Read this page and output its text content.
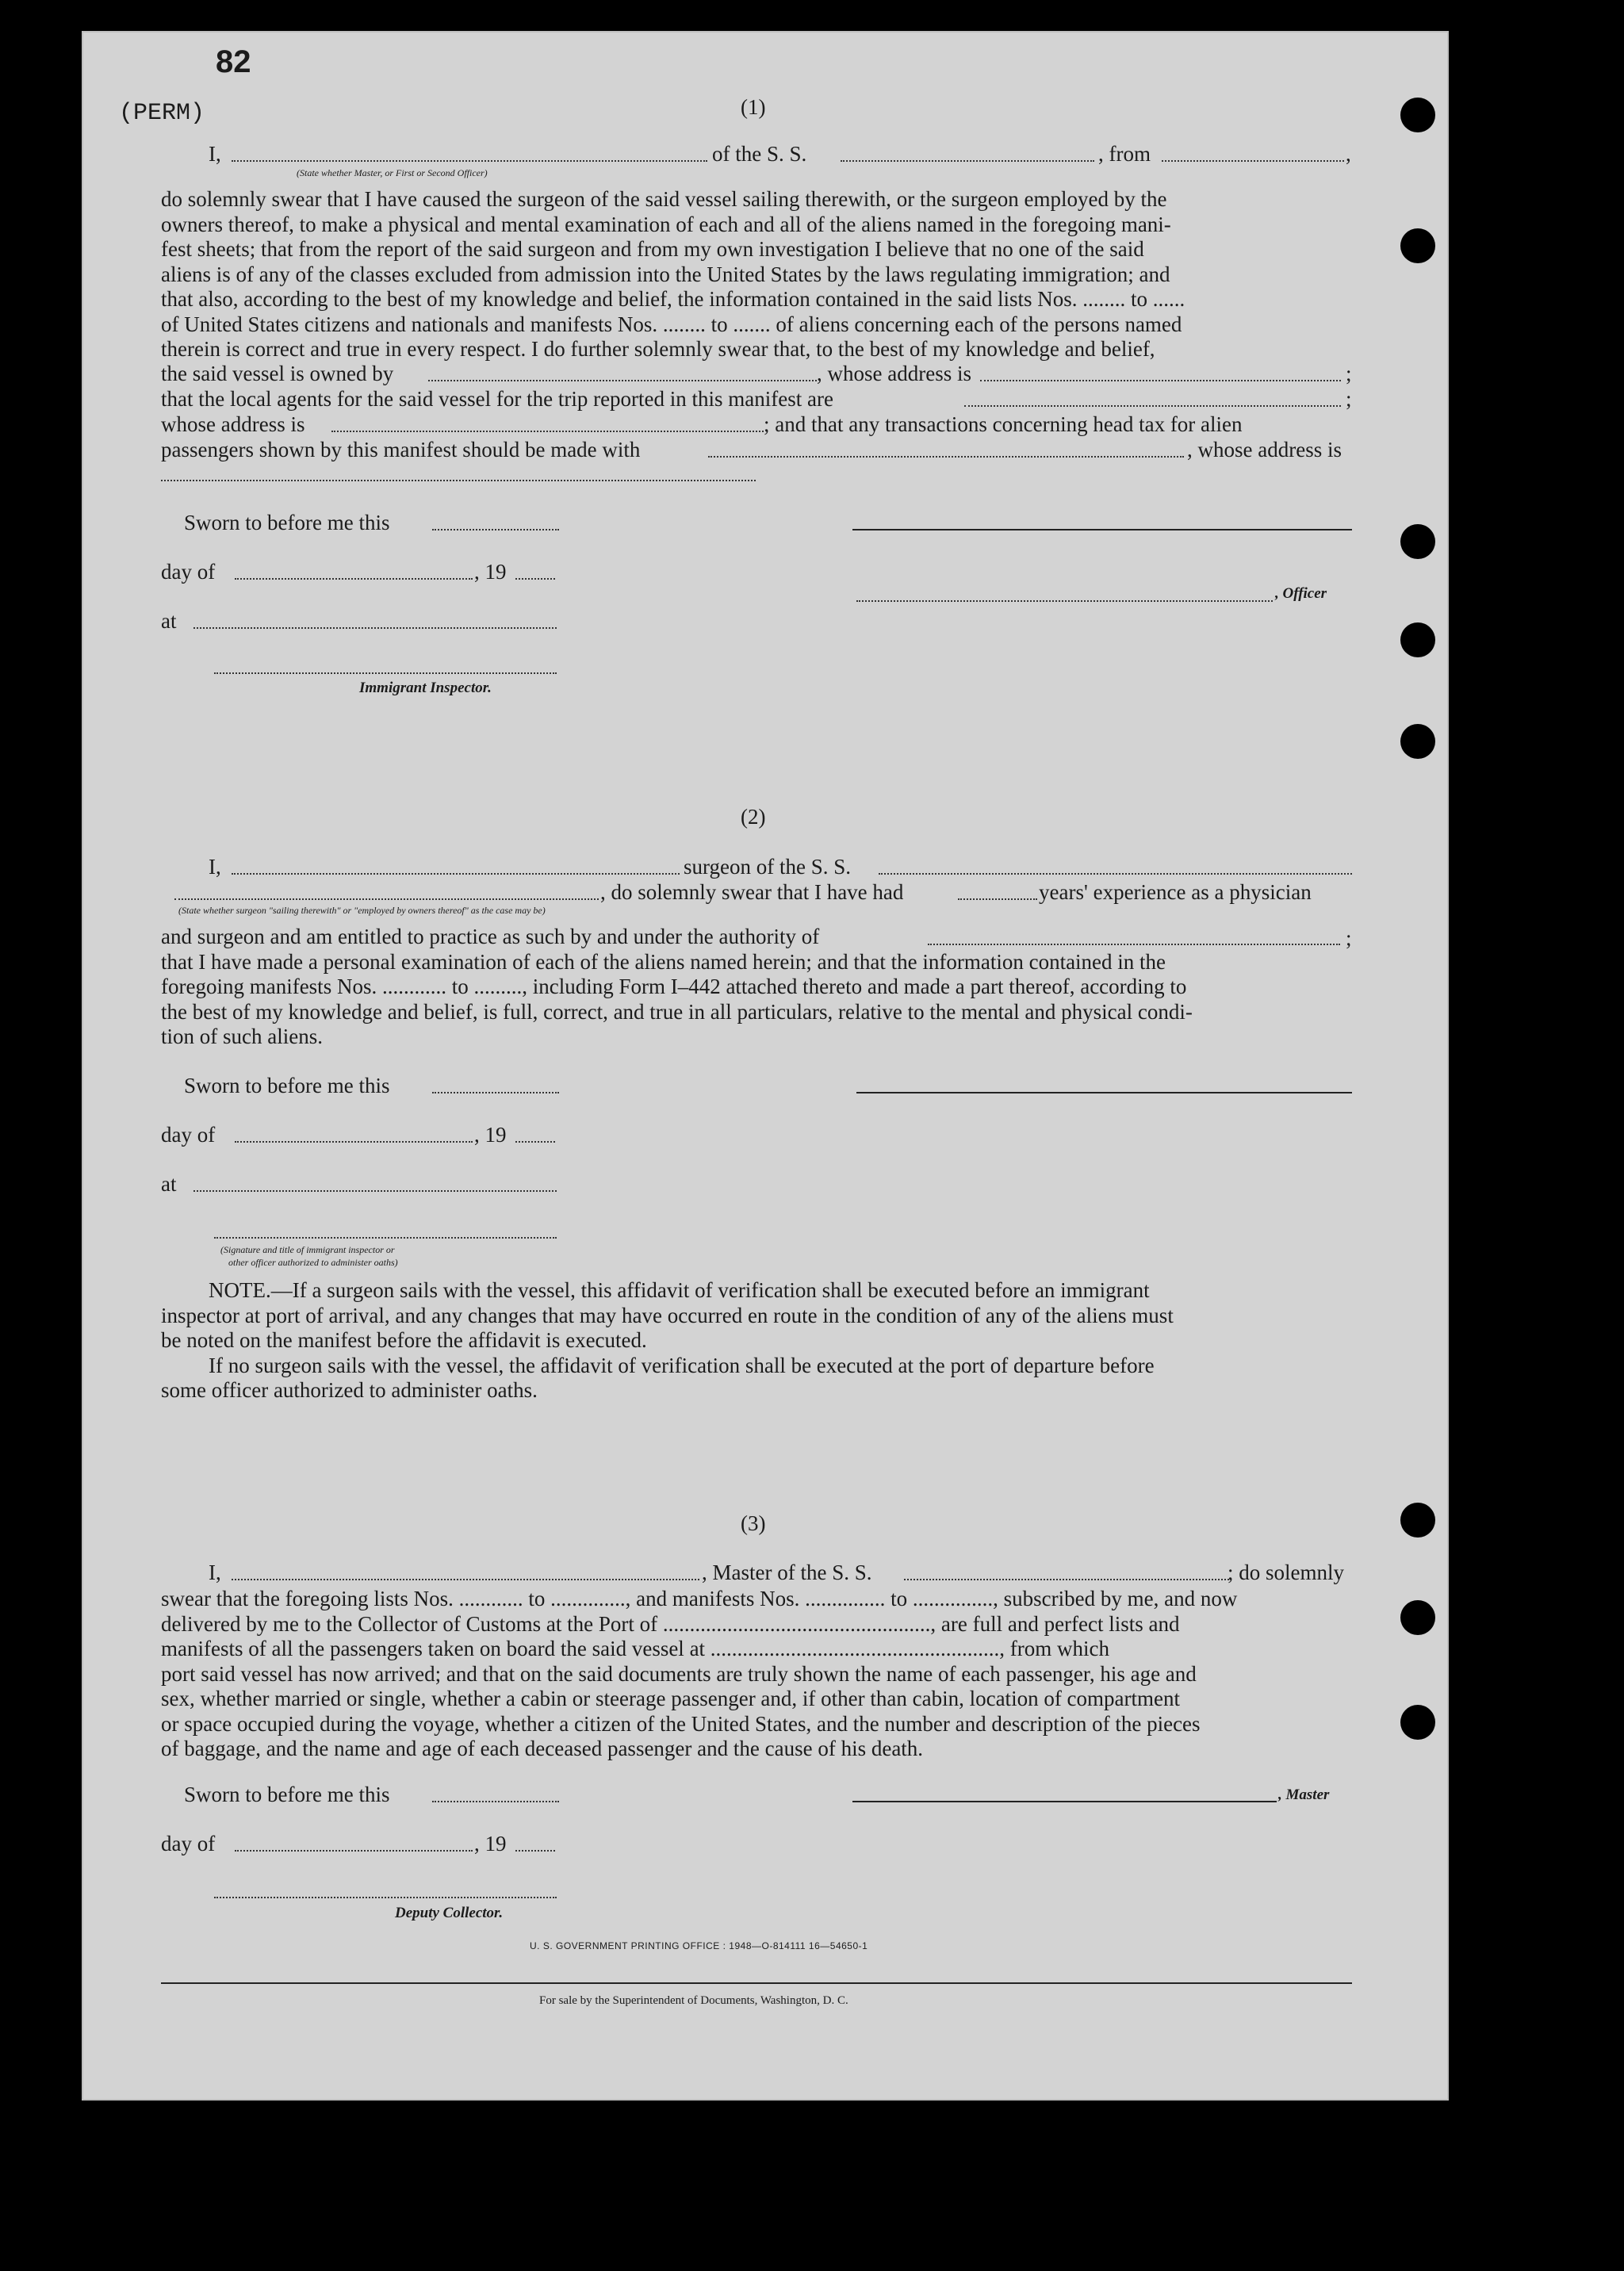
82
(PERM)	(1)
I,	of the S. S.	, from	,
(State whether Master, or First or Second Officer)
do solemnly swear that I have caused the surgeon of the said vessel sailing therewith, or the surgeon employed by the
owners thereof, to make a physical and mental examination of each and all of the aliens named in the foregoing mani-
fest sheets; that from the report of the said surgeon and from my own investigation I believe that no one of the said
aliens is of any of the classes excluded from admission into the United States by the laws regulating immigration; and
that also, according to the best of my knowledge and belief, the information contained in the said lists Nos. ........ to ......
of United States citizens and nationals and manifests Nos. ........ to ....... of aliens concerning each of the persons named
therein is correct and true in every respect. I do further solemnly swear that, to the best of my knowledge and belief,
the said vessel is owned by	, whose address is	;
that the local agents for the said vessel for the trip reported in this manifest are	;
whose address is	; and that any transactions concerning head tax for alien
passengers shown by this manifest should be made with	, whose address is
Sworn to before me this
day of	, 19
, Officer
at
Immigrant Inspector.
(2)
I,	surgeon of the S. S.
, do solemnly swear that I have had	years' experience as a physician
(State whether surgeon "sailing therewith" or "employed by owners thereof" as the case may be)
and surgeon and am entitled to practice as such by and under the authority of
that I have made a personal examination of each of the aliens named herein; and that the information contained in the
foregoing manifests Nos. ............ to ........., including Form I–442 attached thereto and made a part thereof, according to
the best of my knowledge and belief, is full, correct, and true in all particulars, relative to the mental and physical condi-
tion of such aliens.
;
Sworn to before me this
day of	, 19
at
(Signature and title of immigrant inspector or
other officer authorized to administer oaths)
NOTE.—If a surgeon sails with the vessel, this affidavit of verification shall be executed before an immigrant
inspector at port of arrival, and any changes that may have occurred en route in the condition of any of the aliens must
be noted on the manifest before the affidavit is executed.
If no surgeon sails with the vessel, the affidavit of verification shall be executed at the port of departure before
some officer authorized to administer oaths.
(3)
I,	, Master of the S. S.	; do solemnly
swear that the foregoing lists Nos. ............ to .............., and manifests Nos. ............... to ..............., subscribed by me, and now
delivered by me to the Collector of Customs at the Port of .................................................., are full and perfect lists and
manifests of all the passengers taken on board the said vessel at ......................................................, from which
port said vessel has now arrived; and that on the said documents are truly shown the name of each passenger, his age and
sex, whether married or single, whether a cabin or steerage passenger and, if other than cabin, location of compartment
or space occupied during the voyage, whether a citizen of the United States, and the number and description of the pieces
of baggage, and the name and age of each deceased passenger and the cause of his death.
Sworn to before me this	, Master
day of	, 19
Deputy Collector.
U. S. GOVERNMENT PRINTING OFFICE : 1948—O-814111 16—54650-1
For sale by the Superintendent of Documents, Washington, D. C.
